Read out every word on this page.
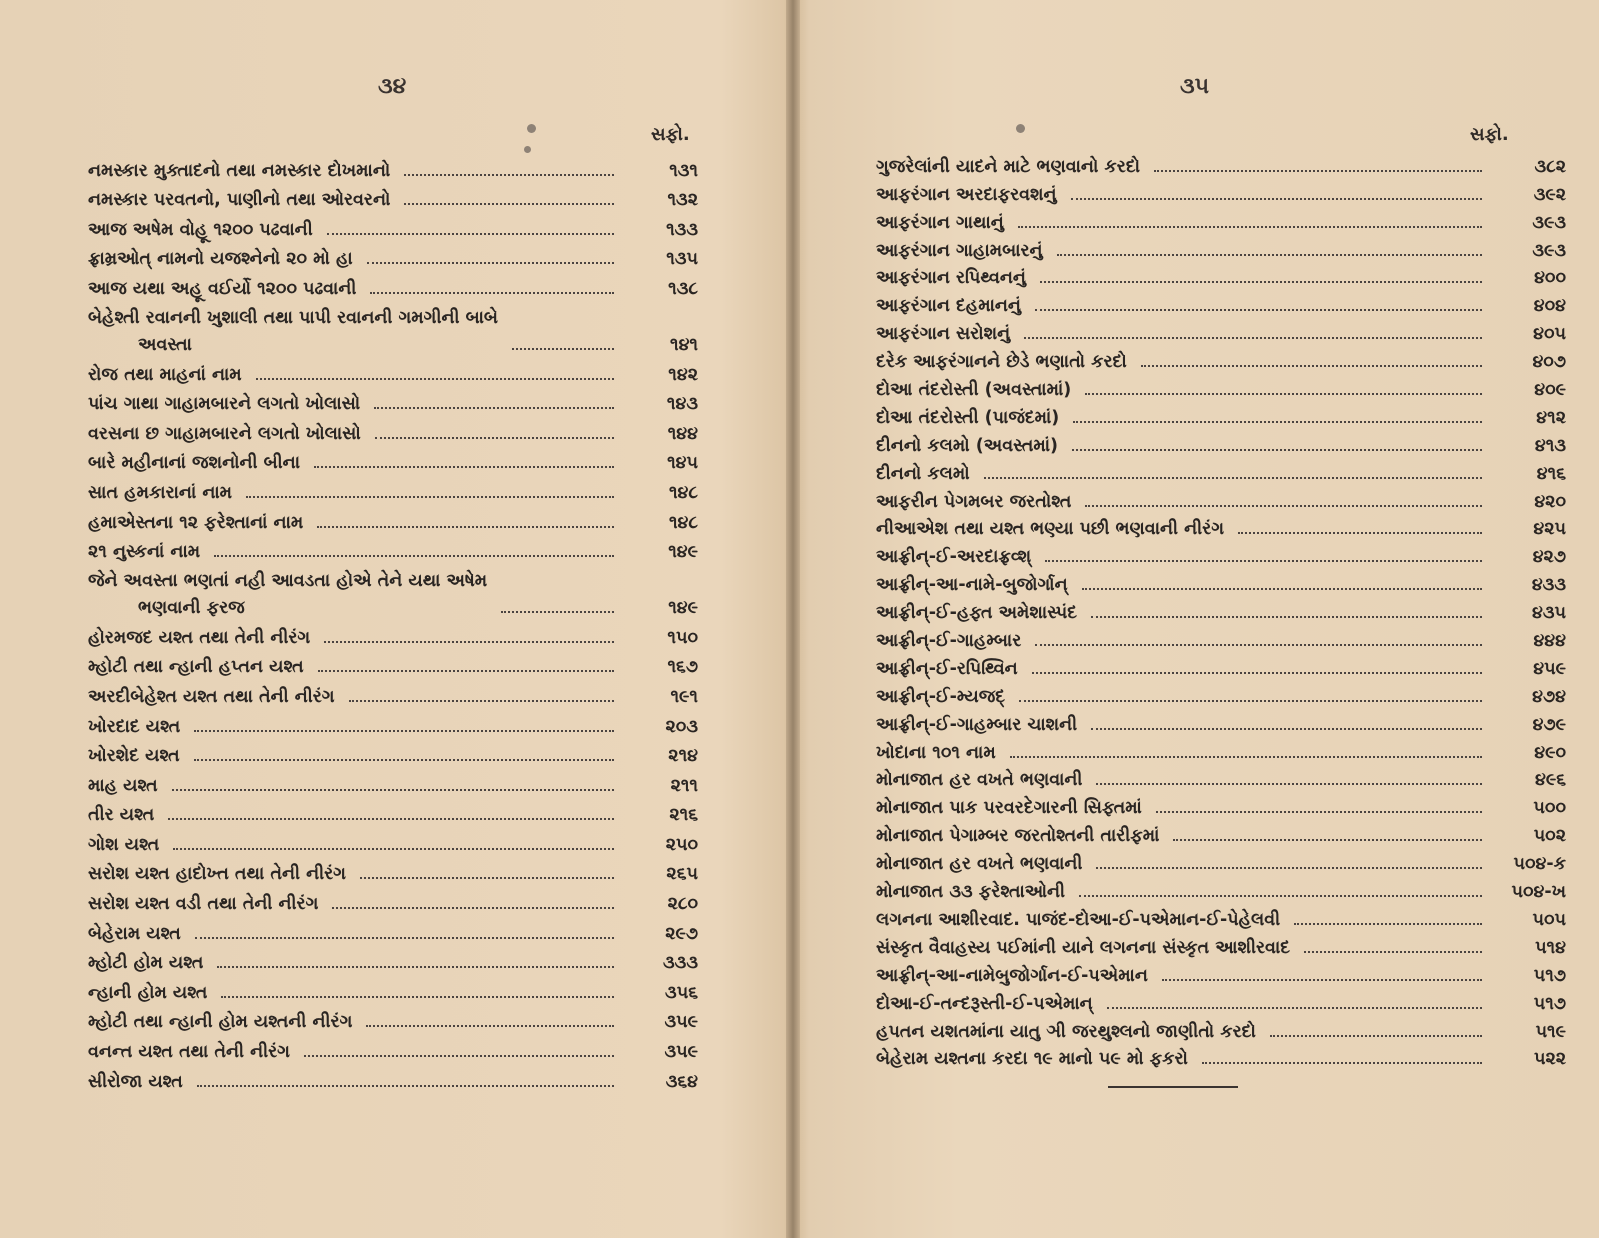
૩૪
સફો.
નમસ્કાર મુક્તાદનો તથા નમસ્કાર દોખમાનો	૧૩૧
નમસ્કાર પરવતનો, પાણીનો તથા ઓરવરનો	૧૩૨
આજ અષેમ વોહૂ ૧૨૦૦ પઢવાની	૧૩૩
ફ્રામ્રઓત્ નામનો યજશ્નેનો ૨૦ મો હા	૧૩૫
આજ યથા અહૂ વઈર્યો ૧૨૦૦ પઢવાની	૧૩૮
બેહેશ્તી રવાનની ખુશાલી તથા પાપી રવાનની ગમગીની બાબે
અવસ્તા	૧૪૧
રોજ તથા માહનાં નામ	૧૪૨
પાંચ ગાથા ગાહામબારને લગતો ખોલાસો	૧૪૩
વરસના છ ગાહામબારને લગતો ખોલાસો	૧૪૪
બારે મહીનાનાં જશનોની બીના	૧૪૫
સાત હમકારાનાં નામ	૧૪૮
હમાએસ્તના ૧૨ ફરેશ્તાનાં નામ	૧૪૮
૨૧ નુસ્કનાં નામ	૧૪૯
જેને અવસ્તા ભણતાં નહી આવડતા હોએ તેને યથા અષેમ
ભણવાની ફરજ	૧૪૯
હોરમજદ યશ્ત તથા તેની નીરંગ	૧૫૦
મ્હોટી તથા ન્હાની હપ્તન યશ્ત	૧૬૭
અરદીબેહેશ્ત યશ્ત તથા તેની નીરંગ	૧૯૧
ખોરદાદ યશ્ત	૨૦૩
ખોરશેદ યશ્ત	૨૧૪
માહ યશ્ત	૨૧૧
તીર યશ્ત	૨૧૬
ગોશ યશ્ત	૨૫૦
સરોશ યશ્ત હાદોખ્ત તથા તેની નીરંગ	૨૬૫
સરોશ યશ્ત વડી તથા તેની નીરંગ	૨૮૦
બેહેરામ યશ્ત	૨૯૭
મ્હોટી હોમ યશ્ત	૩૩૩
ન્હાની હોમ યશ્ત	૩૫૬
મ્હોટી તથા ન્હાની હોમ યશ્તની નીરંગ	૩૫૯
વનન્ત યશ્ત તથા તેની નીરંગ	૩૫૯
સીરોજા યશ્ત	૩૬૪
૩૫
સફો.
ગુજરેલાંની યાદને માટે ભણવાનો કરદો	૩૮૨
આફરંગાન અરદાફરવશનું	૩૯૨
આફરંગાન ગાથાનું	૩૯૩
આફરંગાન ગાહામબારનું	૩૯૩
આફરંગાન રપિથ્વનનું	૪૦૦
આફરંગાન દહમાનનું	૪૦૪
આફરંગાન સરોશનું	૪૦૫
દરેક આફરંગાનને છેડે ભણાતો કરદો	૪૦૭
દોઆ તંદરોસ્તી (અવસ્તામાં)	૪૦૯
દોઆ તંદરોસ્તી (પાજંદમાં)	૪૧૨
દીનનો કલમો (અવસ્તમાં)	૪૧૩
દીનનો કલમો	૪૧૬
આફરીન પેગમબર જરતોશ્ત	૪૨૦
નીઆએશ તથા યશ્ત ભણ્યા પછી ભણવાની નીરંગ	૪૨૫
આફ્રીન્-ઈ-અરદાફ્રવ્શ્	૪૨૭
આફ્રીન્-આ-નામે-બુજોર્ગાન્	૪૩૩
આફ્રીન્-ઈ-હફ્ત અમેશાસ્પંદ	૪૩૫
આફ્રીન્-ઈ-ગાહમ્બાર	૪૪૪
આફ્રીન્-ઈ-રપિથ્વિન	૪૫૯
આફ્રીન્-ઈ-મ્યજદ્	૪૭૪
આફ્રીન્-ઈ-ગાહમ્બાર ચાશની	૪૭૯
ખોદાના ૧૦૧ નામ	૪૯૦
મોનાજાત હર વખતે ભણવાની	૪૯૬
મોનાજાત પાક પરવરદેગારની સિફ્તમાં	૫૦૦
મોનાજાત પેગામ્બર જરતોશ્તની તારીફમાં	૫૦૨
મોનાજાત હર વખતે ભણવાની	૫૦૪-ક
મોનાજાત ૩૩ ફરેશ્તાઓની	૫૦૪-ખ
લગનના આશીરવાદ. પાજંદ-દોઆ-ઈ-પએમાન-ઈ-પેહેલવી	૫૦૫
સંસ્કૃત વૈવાહસ્ય પઈમાંની યાને લગનના સંસ્કૃત આશીરવાદ	૫૧૪
આફ્રીન્-આ-નામેબુજોર્ગાન-ઈ-પએમાન	૫૧૭
દોઆ-ઈ-તન્દરૂસ્તી-ઈ-પએમાન્	૫૧૭
હપતન યશતમાંના યાતુ ઞી જરથુશ્લનો જાણીતો કરદો	૫૧૯
બેહેરામ યશ્તના કરદા ૧૯ માનો ૫૯ મો ફકરો	૫૨૨
